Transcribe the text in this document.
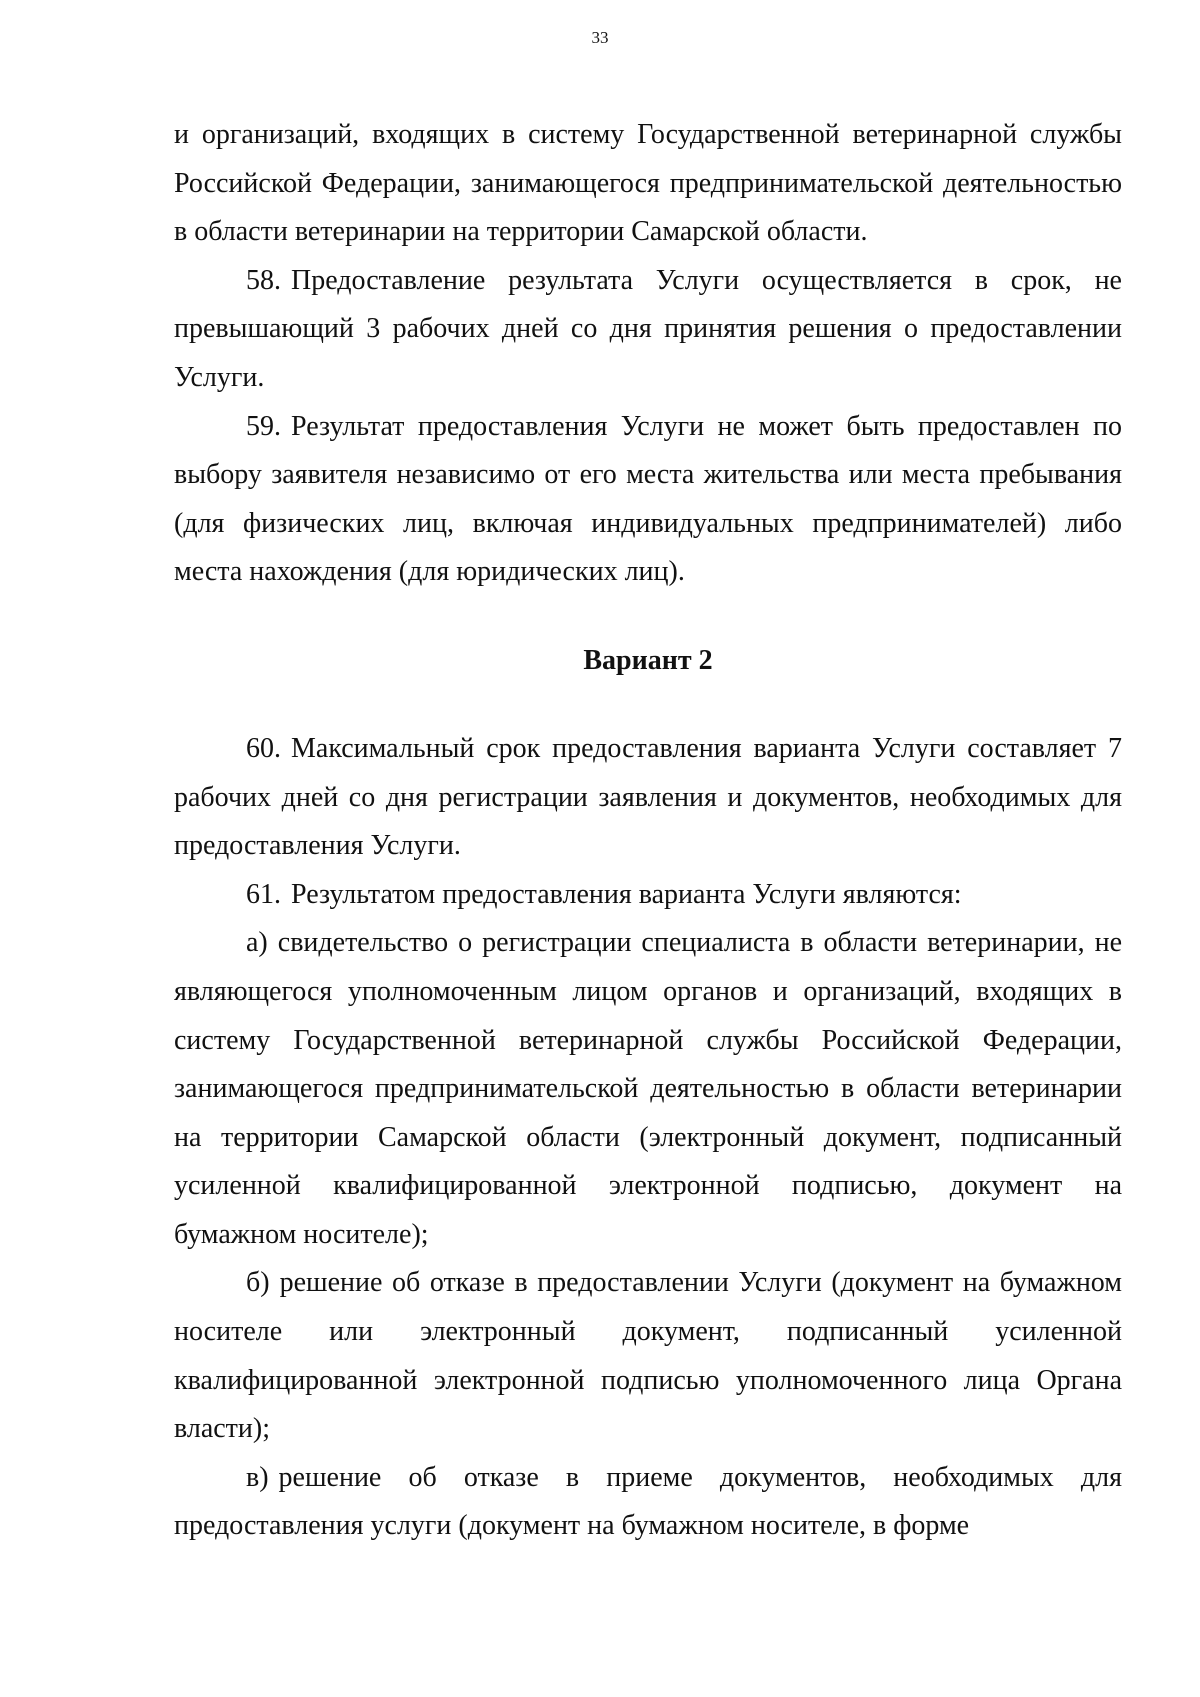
33

и организаций, входящих в систему Государственной ветеринарной службы Российской Федерации, занимающегося предпринимательской деятельностью в области ветеринарии на территории Самарской области.

58. Предоставление результата Услуги осуществляется в срок, не превышающий 3 рабочих дней со дня принятия решения о предоставлении Услуги.

59. Результат предоставления Услуги не может быть предоставлен по выбору заявителя независимо от его места жительства или места пребывания (для физических лиц, включая индивидуальных предпринимателей) либо места нахождения (для юридических лиц).

Вариант 2

60. Максимальный срок предоставления варианта Услуги составляет 7 рабочих дней со дня регистрации заявления и документов, необходимых для предоставления Услуги.

61. Результатом предоставления варианта Услуги являются:

а) свидетельство о регистрации специалиста в области ветеринарии, не являющегося уполномоченным лицом органов и организаций, входящих в систему Государственной ветеринарной службы Российской Федерации, занимающегося предпринимательской деятельностью в области ветеринарии на территории Самарской области (электронный документ, подписанный усиленной квалифицированной электронной подписью, документ на бумажном носителе);

б) решение об отказе в предоставлении Услуги (документ на бумажном носителе или электронный документ, подписанный усиленной квалифицированной электронной подписью уполномоченного лица Органа власти);

в) решение об отказе в приеме документов, необходимых для предоставления услуги (документ на бумажном носителе, в форме
